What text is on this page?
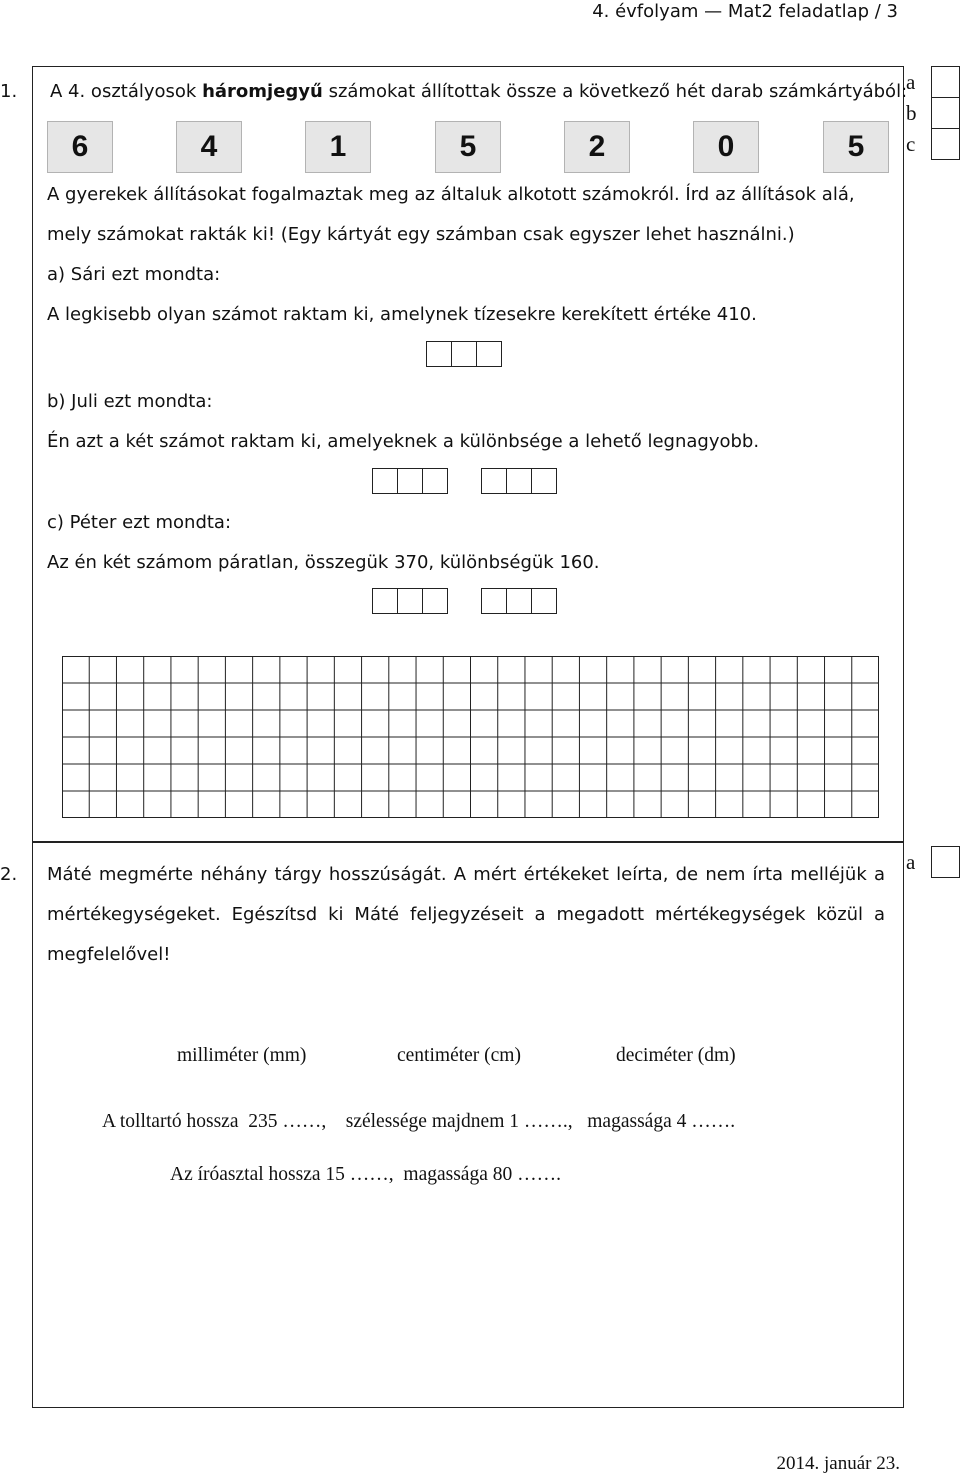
4. évfolyam — Mat2 feladatlap / 3
2014. január 23.
a	
b	
c	
a	
1. A 4. osztályosok háromjegyű számokat állítottak össze a következő hét darab számkártyából:
6	4	1	5	2	0	5
A gyerekek állításokat fogalmaztak meg az általuk alkotott számokról. Írd az állítások alá,
mely számokat rakták ki! (Egy kártyát egy számban csak egyszer lehet használni.)
a) Sári ezt mondta:
A legkisebb olyan számot raktam ki, amelynek tízesekre kerekített értéke 410.
b) Juli ezt mondta:
Én azt a két számot raktam ki, amelyeknek a különbsége a lehető legnagyobb.
c) Péter ezt mondta:
Az én két számom páratlan, összegük 370, különbségük 160.
2. Máté megmérte néhány tárgy hosszúságát. A mért értékeket leírta, de nem írta melléjük a
mértékegységeket. Egészítsd ki Máté feljegyzéseit a megadott mértékegységek közül a
megfelelővel!
milliméter (mm)	centiméter (cm)	deciméter (dm)
A tolltartó hossza  235 ……,    szélessége majdnem 1 …….,   magassága 4 …….
Az íróasztal hossza 15 ……,  magassága 80 …….
